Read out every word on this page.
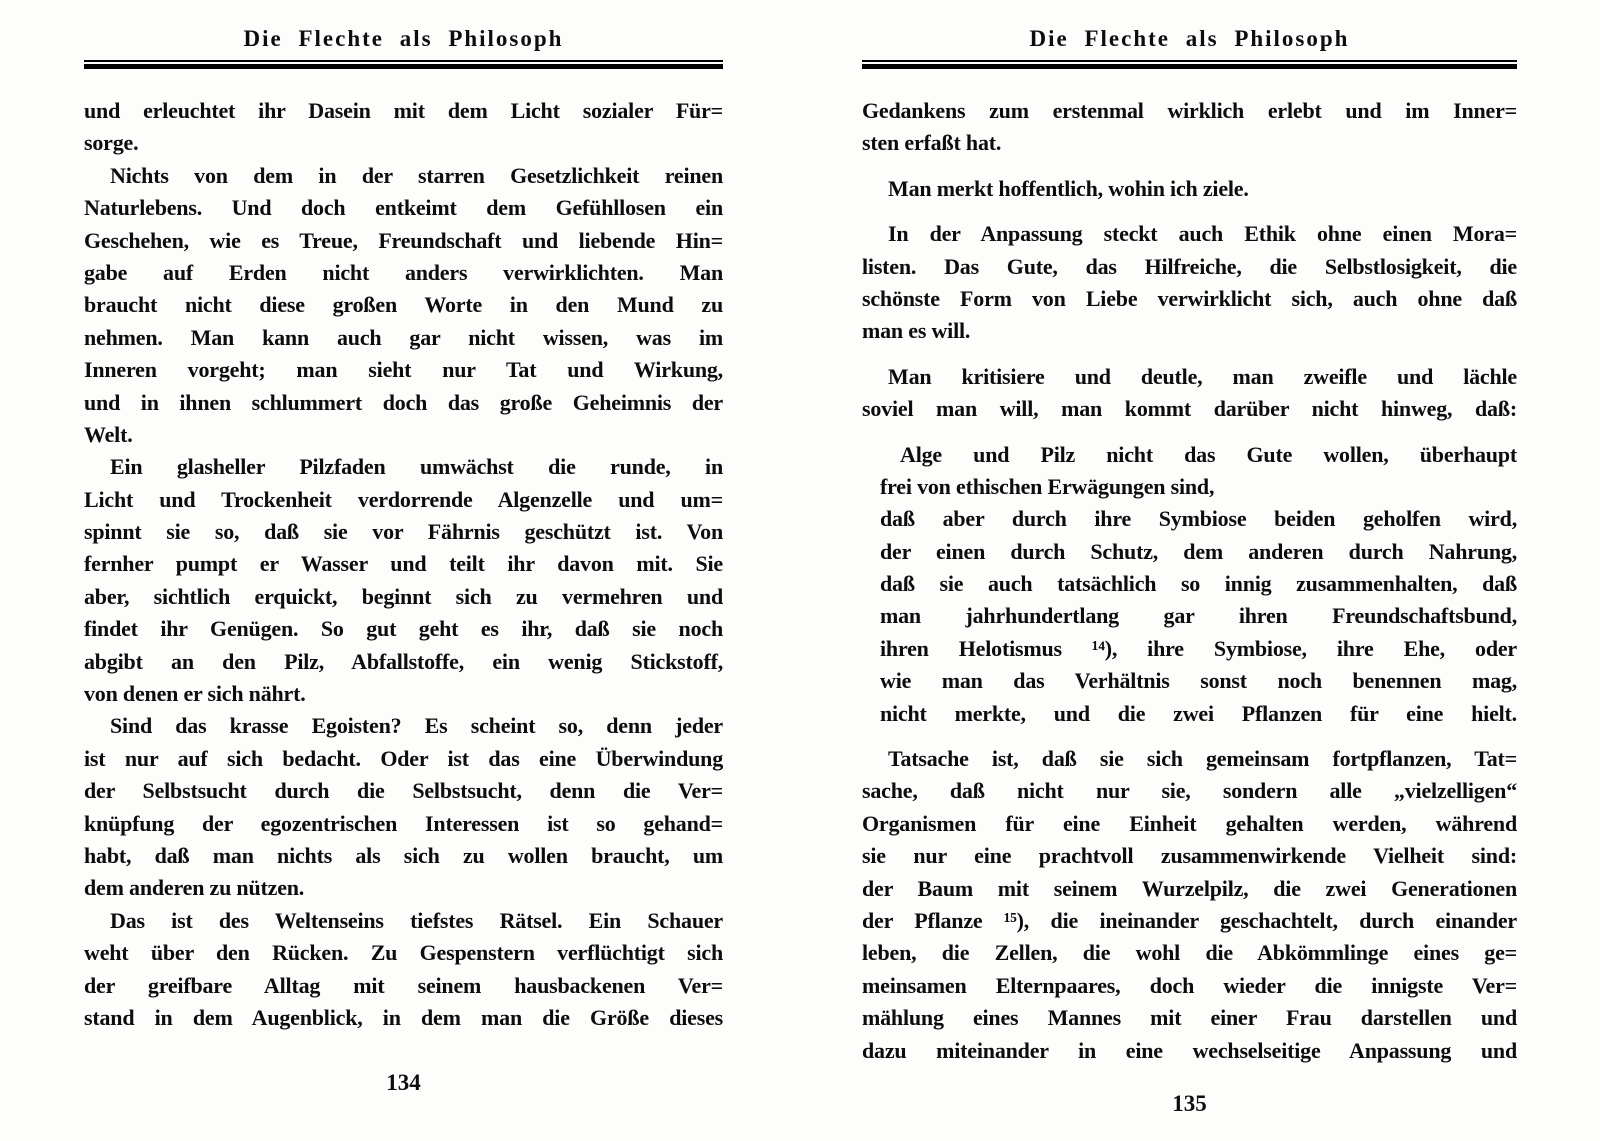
Die Flechte als Philosoph
und erleuchtet ihr Dasein mit dem Licht sozialer Für=
sorge.
Nichts von dem in der starren Gesetzlichkeit reinen
Naturlebens. Und doch entkeimt dem Gefühllosen ein
Geschehen, wie es Treue, Freundschaft und liebende Hin=
gabe auf Erden nicht anders verwirklichten. Man
braucht nicht diese großen Worte in den Mund zu
nehmen. Man kann auch gar nicht wissen, was im
Inneren vorgeht; man sieht nur Tat und Wirkung,
und in ihnen schlummert doch das große Geheimnis der
Welt.
Ein glasheller Pilzfaden umwächst die runde, in
Licht und Trockenheit verdorrende Algenzelle und um=
spinnt sie so, daß sie vor Fährnis geschützt ist. Von
fernher pumpt er Wasser und teilt ihr davon mit. Sie
aber, sichtlich erquickt, beginnt sich zu vermehren und
findet ihr Genügen. So gut geht es ihr, daß sie noch
abgibt an den Pilz, Abfallstoffe, ein wenig Stickstoff,
von denen er sich nährt.
Sind das krasse Egoisten? Es scheint so, denn jeder
ist nur auf sich bedacht. Oder ist das eine Überwindung
der Selbstsucht durch die Selbstsucht, denn die Ver=
knüpfung der egozentrischen Interessen ist so gehand=
habt, daß man nichts als sich zu wollen braucht, um
dem anderen zu nützen.
Das ist des Weltenseins tiefstes Rätsel. Ein Schauer
weht über den Rücken. Zu Gespenstern verflüchtigt sich
der greifbare Alltag mit seinem hausbackenen Ver=
stand in dem Augenblick, in dem man die Größe dieses
134
Die Flechte als Philosoph
Gedankens zum erstenmal wirklich erlebt und im Inner=
sten erfaßt hat.
Man merkt hoffentlich, wohin ich ziele.
In der Anpassung steckt auch Ethik ohne einen Mora=
listen. Das Gute, das Hilfreiche, die Selbstlosigkeit, die
schönste Form von Liebe verwirklicht sich, auch ohne daß
man es will.
Man kritisiere und deutle, man zweifle und lächle
soviel man will, man kommt darüber nicht hinweg, daß:
Alge und Pilz nicht das Gute wollen, überhaupt
frei von ethischen Erwägungen sind,
daß aber durch ihre Symbiose beiden geholfen wird,
der einen durch Schutz, dem anderen durch Nahrung,
daß sie auch tatsächlich so innig zusammenhalten, daß
man jahrhundertlang gar ihren Freundschaftsbund,
ihren Helotismus ¹⁴), ihre Symbiose, ihre Ehe, oder
wie man das Verhältnis sonst noch benennen mag,
nicht merkte, und die zwei Pflanzen für eine hielt.
Tatsache ist, daß sie sich gemeinsam fortpflanzen, Tat=
sache, daß nicht nur sie, sondern alle „vielzelligen“
Organismen für eine Einheit gehalten werden, während
sie nur eine prachtvoll zusammenwirkende Vielheit sind:
der Baum mit seinem Wurzelpilz, die zwei Generationen
der Pflanze ¹⁵), die ineinander geschachtelt, durch einander
leben, die Zellen, die wohl die Abkömmlinge eines ge=
meinsamen Elternpaares, doch wieder die innigste Ver=
mählung eines Mannes mit einer Frau darstellen und
dazu miteinander in eine wechselseitige Anpassung und
135
